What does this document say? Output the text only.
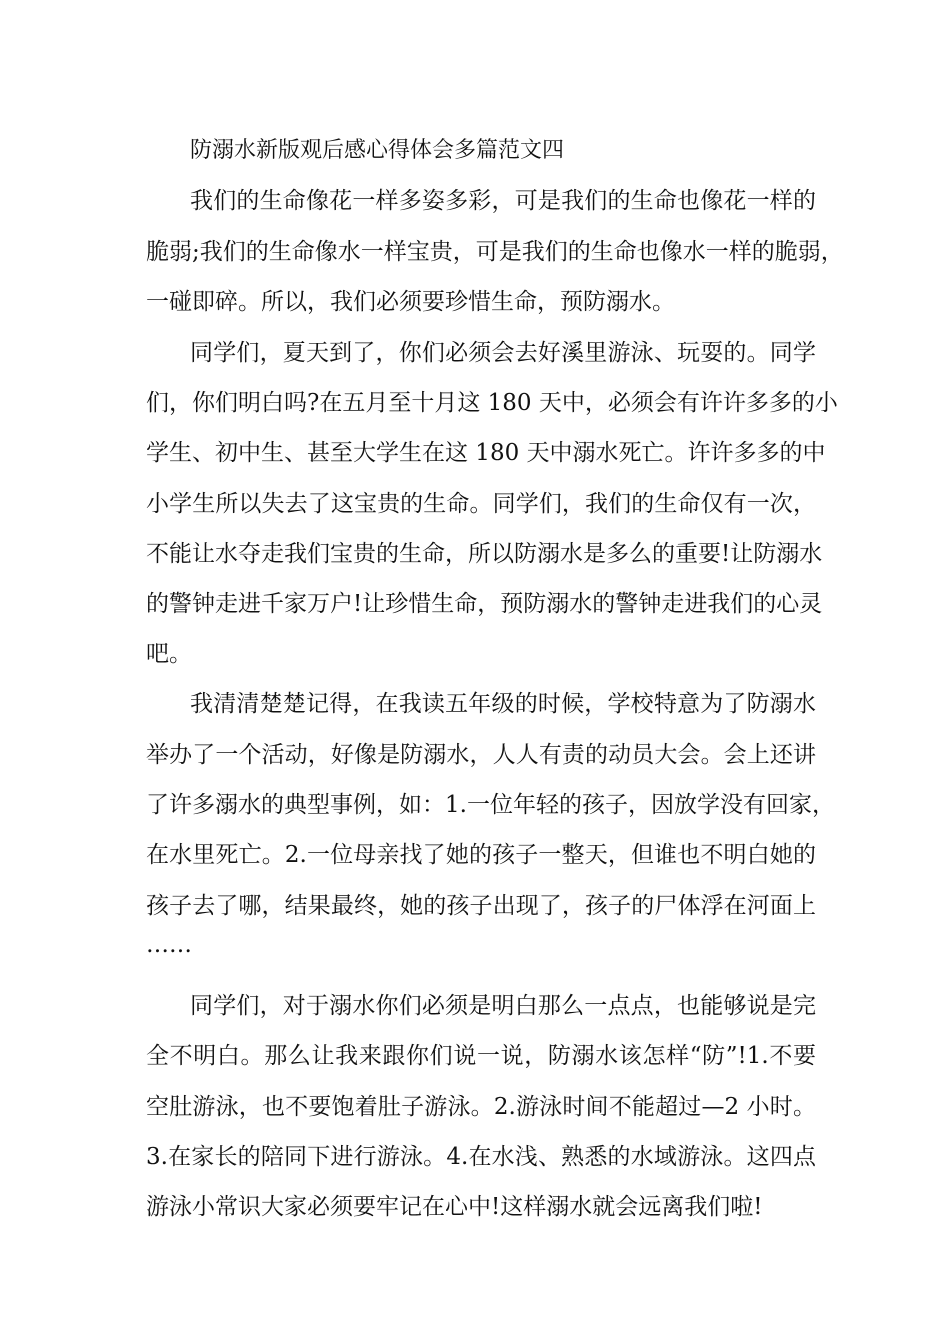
防溺水新版观后感心得体会多篇范文四
我们的生命像花一样多姿多彩，可是我们的生命也像花一样的
脆弱;我们的生命像水一样宝贵，可是我们的生命也像水一样的脆弱，
一碰即碎。所以，我们必须要珍惜生命，预防溺水。
同学们，夏天到了，你们必须会去好溪里游泳、玩耍的。同学
们，你们明白吗?在五月至十月这 180 天中，必须会有许许多多的小
学生、初中生、甚至大学生在这 180 天中溺水死亡。许许多多的中
小学生所以失去了这宝贵的生命。同学们，我们的生命仅有一次，
不能让水夺走我们宝贵的生命，所以防溺水是多么的重要!让防溺水
的警钟走进千家万户!让珍惜生命，预防溺水的警钟走进我们的心灵
吧。
我清清楚楚记得，在我读五年级的时候，学校特意为了防溺水
举办了一个活动，好像是防溺水，人人有责的动员大会。会上还讲
了许多溺水的典型事例，如：1.一位年轻的孩子，因放学没有回家，
在水里死亡。2.一位母亲找了她的孩子一整天，但谁也不明白她的
孩子去了哪，结果最终，她的孩子出现了，孩子的尸体浮在河面上
……
同学们，对于溺水你们必须是明白那么一点点，也能够说是完
全不明白。那么让我来跟你们说一说，防溺水该怎样“防”!1.不要
空肚游泳，也不要饱着肚子游泳。2.游泳时间不能超过—2 小时。
3.在家长的陪同下进行游泳。4.在水浅、熟悉的水域游泳。这四点
游泳小常识大家必须要牢记在心中!这样溺水就会远离我们啦!
